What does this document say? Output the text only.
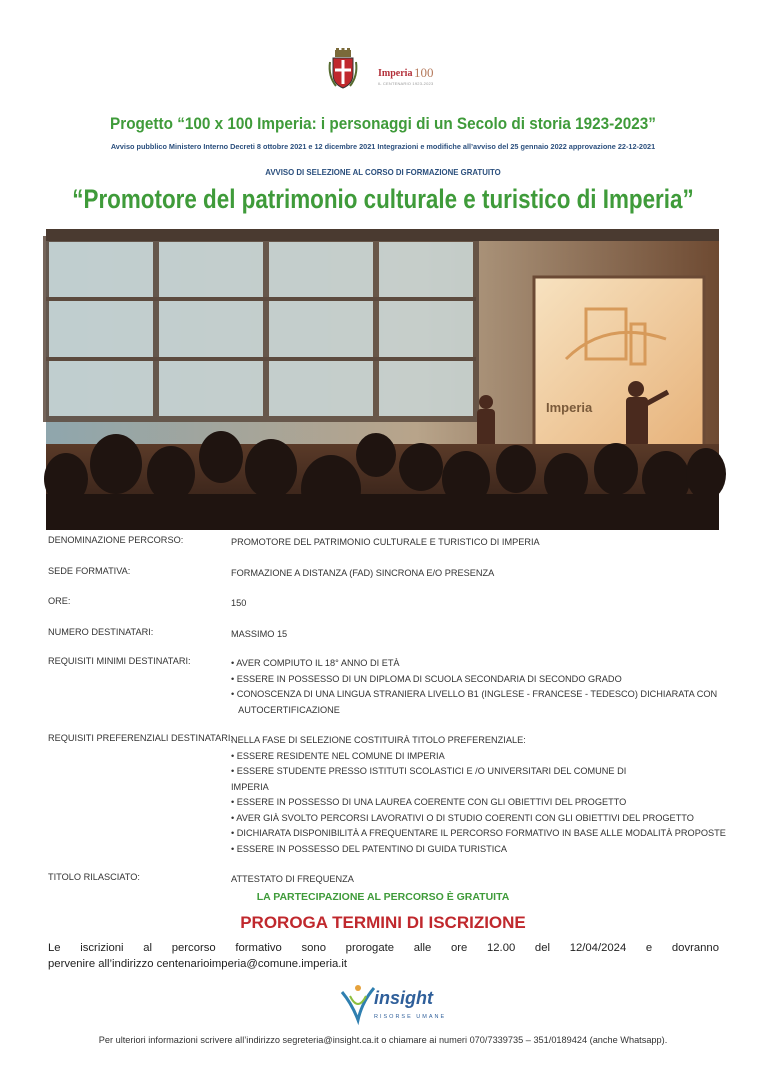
Imperia 100
IL CENTENARIO 1923-2023
Progetto “100 x 100 Imperia: i personaggi di un Secolo di storia 1923-2023”
Avviso pubblico Ministero Interno Decreti 8 ottobre 2021 e 12 dicembre 2021 Integrazioni e modifiche all’avviso del 25 gennaio 2022 approvazione 22-12-2021
AVVISO DI SELEZIONE AL CORSO DI FORMAZIONE GRATUITO
“Promotore del patrimonio culturale e turistico di Imperia”
Imperia
DENOMINAZIONE PERCORSO:	PROMOTORE DEL PATRIMONIO CULTURALE E TURISTICO DI IMPERIA
SEDE FORMATIVA:	FORMAZIONE A DISTANZA (FAD) SINCRONA E/O PRESENZA
ORE:	150
NUMERO DESTINATARI:	MASSIMO 15
REQUISITI MINIMI DESTINATARI:	• AVER COMPIUTO IL 18° ANNO DI ETÀ
• ESSERE IN POSSESSO DI UN DIPLOMA DI SCUOLA SECONDARIA DI SECONDO GRADO
• CONOSCENZA DI UNA LINGUA STRANIERA LIVELLO B1 (INGLESE - FRANCESE - TEDESCO) DICHIARATA CON
AUTOCERTIFICAZIONE
REQUISITI PREFERENZIALI DESTINATARI:
NELLA FASE DI SELEZIONE COSTITUIRÀ TITOLO PREFERENZIALE:
• ESSERE RESIDENTE NEL COMUNE DI IMPERIA
• ESSERE STUDENTE PRESSO ISTITUTI SCOLASTICI E /O UNIVERSITARI DEL COMUNE DI
IMPERIA
• ESSERE IN POSSESSO DI UNA LAUREA COERENTE CON GLI OBIETTIVI DEL PROGETTO
• AVER GIÀ SVOLTO PERCORSI LAVORATIVI O DI STUDIO COERENTI CON GLI OBIETTIVI DEL PROGETTO
• DICHIARATA DISPONIBILITÀ A FREQUENTARE IL PERCORSO FORMATIVO IN BASE ALLE MODALITÀ PROPOSTE
• ESSERE IN POSSESSO DEL PATENTINO DI GUIDA TURISTICA
TITOLO RILASCIATO:	ATTESTATO DI FREQUENZA
LA PARTECIPAZIONE AL PERCORSO È GRATUITA
PROROGA TERMINI DI ISCRIZIONE
Le iscrizioni al percorso formativo sono prorogate alle ore 12.00 del 12/04/2024 e dovranno
pervenire all’indirizzo centenarioimperia@comune.imperia.it
insight
RISORSE UMANE
Per ulteriori informazioni scrivere all’indirizzo segreteria@insight.ca.it o chiamare ai numeri 070/7339735 – 351/0189424 (anche Whatsapp).
